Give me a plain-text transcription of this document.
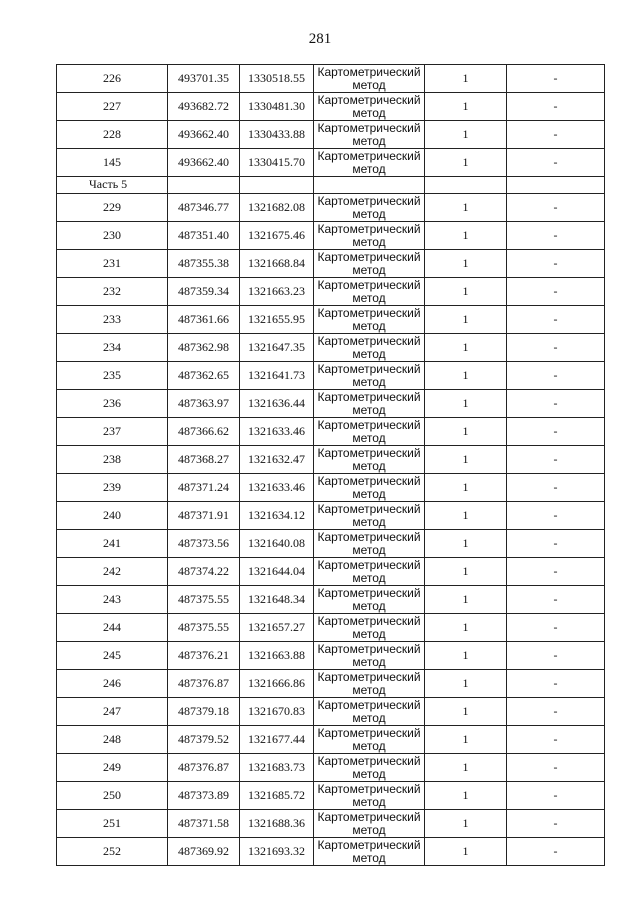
281
226	493701.35	1330518.55	Картометрический
метод	1	-
227	493682.72	1330481.30	Картометрический
метод	1	-
228	493662.40	1330433.88	Картометрический
метод	1	-
145	493662.40	1330415.70	Картометрический
метод	1	-
Часть 5					
229	487346.77	1321682.08	Картометрический
метод	1	-
230	487351.40	1321675.46	Картометрический
метод	1	-
231	487355.38	1321668.84	Картометрический
метод	1	-
232	487359.34	1321663.23	Картометрический
метод	1	-
233	487361.66	1321655.95	Картометрический
метод	1	-
234	487362.98	1321647.35	Картометрический
метод	1	-
235	487362.65	1321641.73	Картометрический
метод	1	-
236	487363.97	1321636.44	Картометрический
метод	1	-
237	487366.62	1321633.46	Картометрический
метод	1	-
238	487368.27	1321632.47	Картометрический
метод	1	-
239	487371.24	1321633.46	Картометрический
метод	1	-
240	487371.91	1321634.12	Картометрический
метод	1	-
241	487373.56	1321640.08	Картометрический
метод	1	-
242	487374.22	1321644.04	Картометрический
метод	1	-
243	487375.55	1321648.34	Картометрический
метод	1	-
244	487375.55	1321657.27	Картометрический
метод	1	-
245	487376.21	1321663.88	Картометрический
метод	1	-
246	487376.87	1321666.86	Картометрический
метод	1	-
247	487379.18	1321670.83	Картометрический
метод	1	-
248	487379.52	1321677.44	Картометрический
метод	1	-
249	487376.87	1321683.73	Картометрический
метод	1	-
250	487373.89	1321685.72	Картометрический
метод	1	-
251	487371.58	1321688.36	Картометрический
метод	1	-
252	487369.92	1321693.32	Картометрический
метод	1	-
